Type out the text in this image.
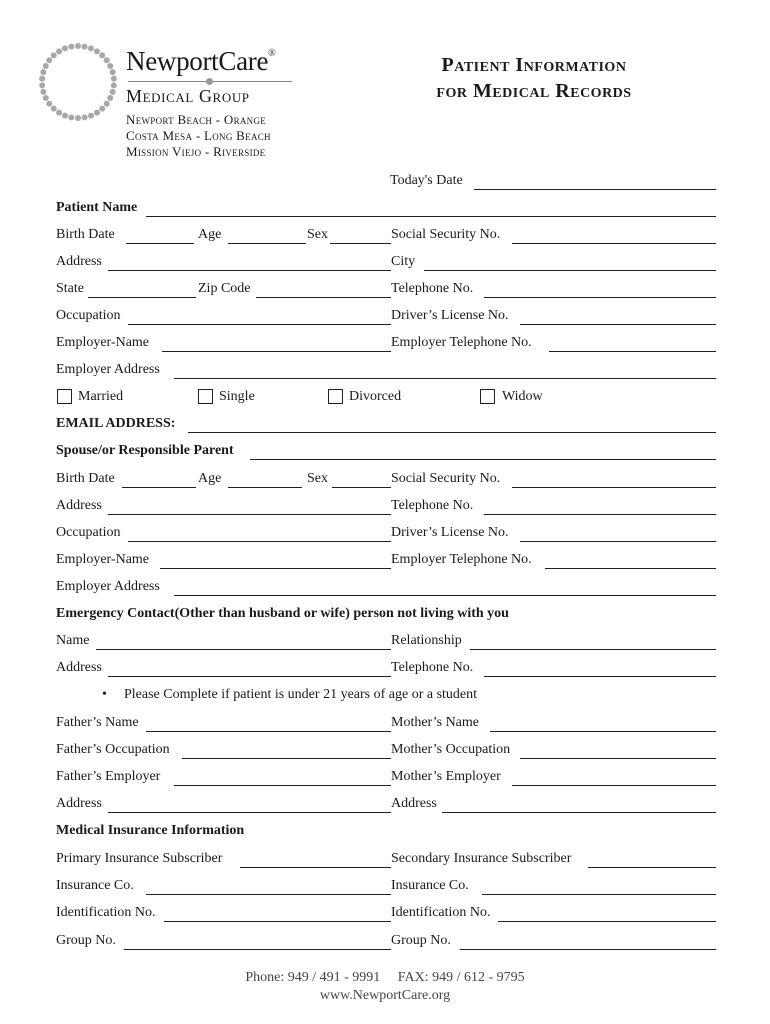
NewportCare®
Medical Group
Newport Beach - Orange
Costa Mesa - Long Beach
Mission Viejo - Riverside
Patient Information
for Medical Records
Today's Date
Patient Name
Birth Date	Age	Sex	Social Security No.
Address	City
State	Zip Code	Telephone No.
Occupation	Driver’s License No.
Employer-Name	Employer Telephone No.
Employer Address
Married	Single	Divorced	Widow
EMAIL ADDRESS:
Spouse/or Responsible Parent
Birth Date	Age	Sex	Social Security No.
Address	Telephone No.
Occupation	Driver’s License No.
Employer-Name	Employer Telephone No.
Employer Address
Emergency Contact(Other than husband or wife) person not living with you
Name	Relationship
Address	Telephone No.
• Please Complete if patient is under 21 years of age or a student
Father’s Name	Mother’s Name
Father’s Occupation	Mother’s Occupation
Father’s Employer	Mother’s Employer
Address	Address
Medical Insurance Information
Primary Insurance Subscriber	Secondary Insurance Subscriber
Insurance Co.	Insurance Co.
Identification No.	Identification No.
Group No.	Group No.
Phone: 949 / 491 - 9991     FAX: 949 / 612 - 9795
www.NewportCare.org
